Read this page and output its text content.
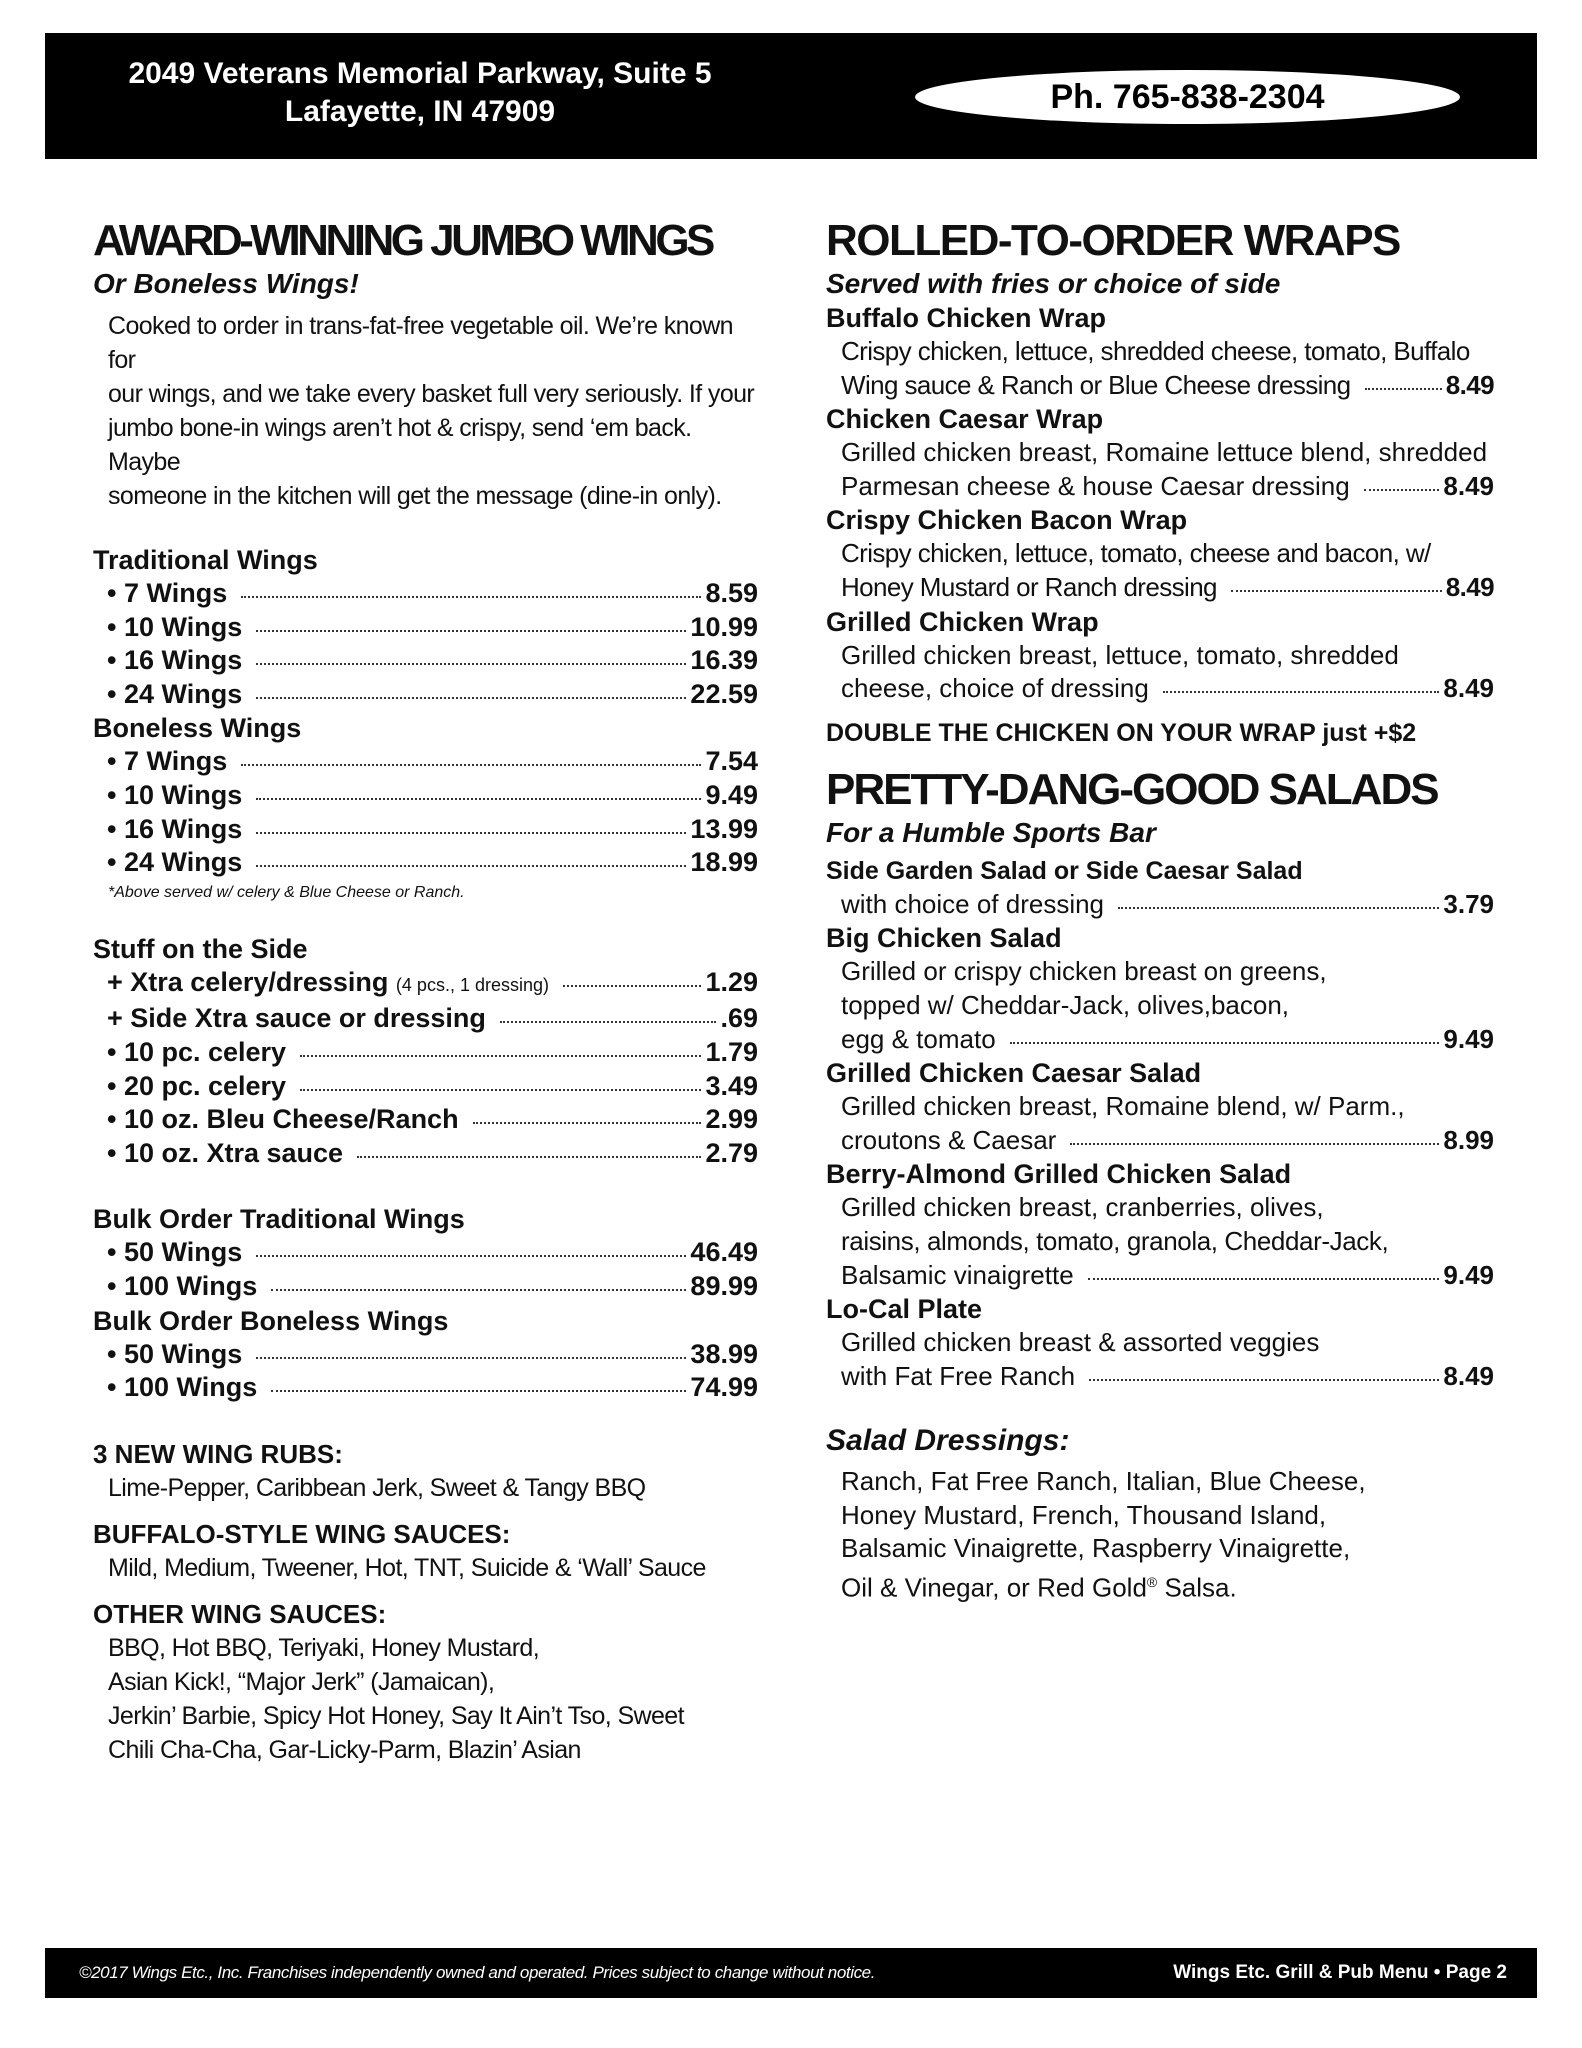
2049 Veterans Memorial Parkway, Suite 5
Lafayette, IN 47909	Ph. 765-838-2304
AWARD-WINNING JUMBO WINGS
Or Boneless Wings!
Cooked to order in trans-fat-free vegetable oil. We’re known for
our wings, and we take every basket full very seriously. If your
jumbo bone-in wings aren’t hot & crispy, send ‘em back. Maybe
someone in the kitchen will get the message (dine-in only).
Traditional Wings
• 7 Wings	8.59
• 10 Wings	10.99
• 16 Wings	16.39
• 24 Wings	22.59
Boneless Wings
• 7 Wings	7.54
• 10 Wings	9.49
• 16 Wings	13.99
• 24 Wings	18.99
*Above served w/ celery & Blue Cheese or Ranch.
Stuff on the Side
+ Xtra celery/dressing (4 pcs., 1 dressing)	1.29
+ Side Xtra sauce or dressing	.69
• 10 pc. celery	1.79
• 20 pc. celery	3.49
• 10 oz. Bleu Cheese/Ranch	2.99
• 10 oz. Xtra sauce	2.79
Bulk Order Traditional Wings
• 50 Wings	46.49
• 100 Wings	89.99
Bulk Order Boneless Wings
• 50 Wings	38.99
• 100 Wings	74.99
3 NEW WING RUBS:
Lime-Pepper, Caribbean Jerk, Sweet & Tangy BBQ
BUFFALO-STYLE WING SAUCES:
Mild, Medium, Tweener, Hot, TNT, Suicide & ‘Wall’ Sauce
OTHER WING SAUCES:
BBQ, Hot BBQ, Teriyaki, Honey Mustard,
Asian Kick!, “Major Jerk” (Jamaican),
Jerkin’ Barbie, Spicy Hot Honey, Say It Ain’t Tso, Sweet
Chili Cha-Cha, Gar-Licky-Parm, Blazin’ Asian
ROLLED-TO-ORDER WRAPS
Served with fries or choice of side
Buffalo Chicken Wrap
Crispy chicken, lettuce, shredded cheese, tomato, Buffalo
Wing sauce & Ranch or Blue Cheese dressing	8.49
Chicken Caesar Wrap
Grilled chicken breast, Romaine lettuce blend, shredded
Parmesan cheese & house Caesar dressing	8.49
Crispy Chicken Bacon Wrap
Crispy chicken, lettuce, tomato, cheese and bacon, w/
Honey Mustard or Ranch dressing	8.49
Grilled Chicken Wrap
Grilled chicken breast, lettuce, tomato, shredded
cheese, choice of dressing	8.49
DOUBLE THE CHICKEN ON YOUR WRAP just +$2
PRETTY-DANG-GOOD SALADS
For a Humble Sports Bar
Side Garden Salad or Side Caesar Salad
with choice of dressing	3.79
Big Chicken Salad
Grilled or crispy chicken breast on greens,
topped w/ Cheddar-Jack, olives,bacon,
egg & tomato	9.49
Grilled Chicken Caesar Salad
Grilled chicken breast, Romaine blend, w/ Parm.,
croutons & Caesar	8.99
Berry-Almond Grilled Chicken Salad
Grilled chicken breast, cranberries, olives,
raisins, almonds, tomato, granola, Cheddar-Jack,
Balsamic vinaigrette	9.49
Lo-Cal Plate
Grilled chicken breast & assorted veggies
with Fat Free Ranch	8.49
Salad Dressings:
Ranch, Fat Free Ranch, Italian, Blue Cheese,
Honey Mustard, French, Thousand Island,
Balsamic Vinaigrette, Raspberry Vinaigrette,
Oil & Vinegar, or Red Gold® Salsa.
©2017 Wings Etc., Inc. Franchises independently owned and operated. Prices subject to change without notice.	Wings Etc. Grill & Pub Menu • Page 2
